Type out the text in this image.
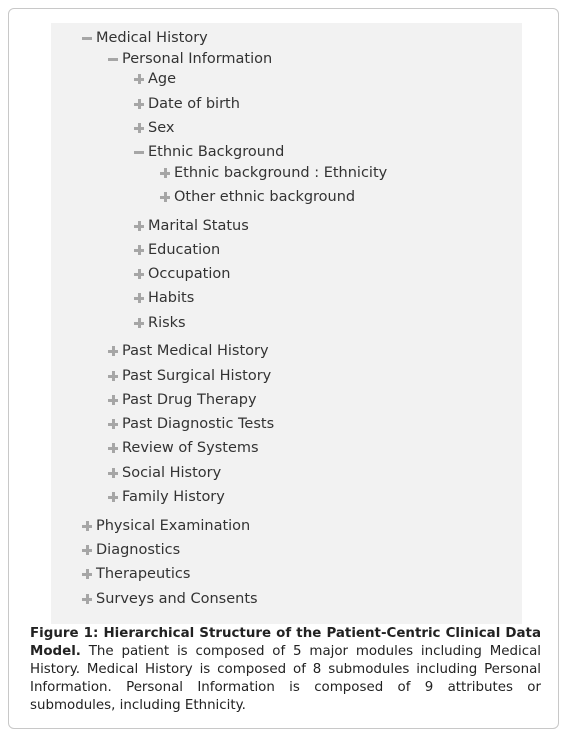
Medical History
Personal Information
Age
Date of birth
Sex
Ethnic Background
Ethnic background : Ethnicity
Other ethnic background
Marital Status
Education
Occupation
Habits
Risks
Past Medical History
Past Surgical History
Past Drug Therapy
Past Diagnostic Tests
Review of Systems
Social History
Family History
Physical Examination
Diagnostics
Therapeutics
Surveys and Consents
Figure 1: Hierarchical Structure of the Patient-Centric Clinical Data Model. The patient is composed of 5 major modules including Medical History. Medical History is composed of 8 submodules including Personal Information. Personal Information is composed of 9 attributes or submodules, including Ethnicity.
